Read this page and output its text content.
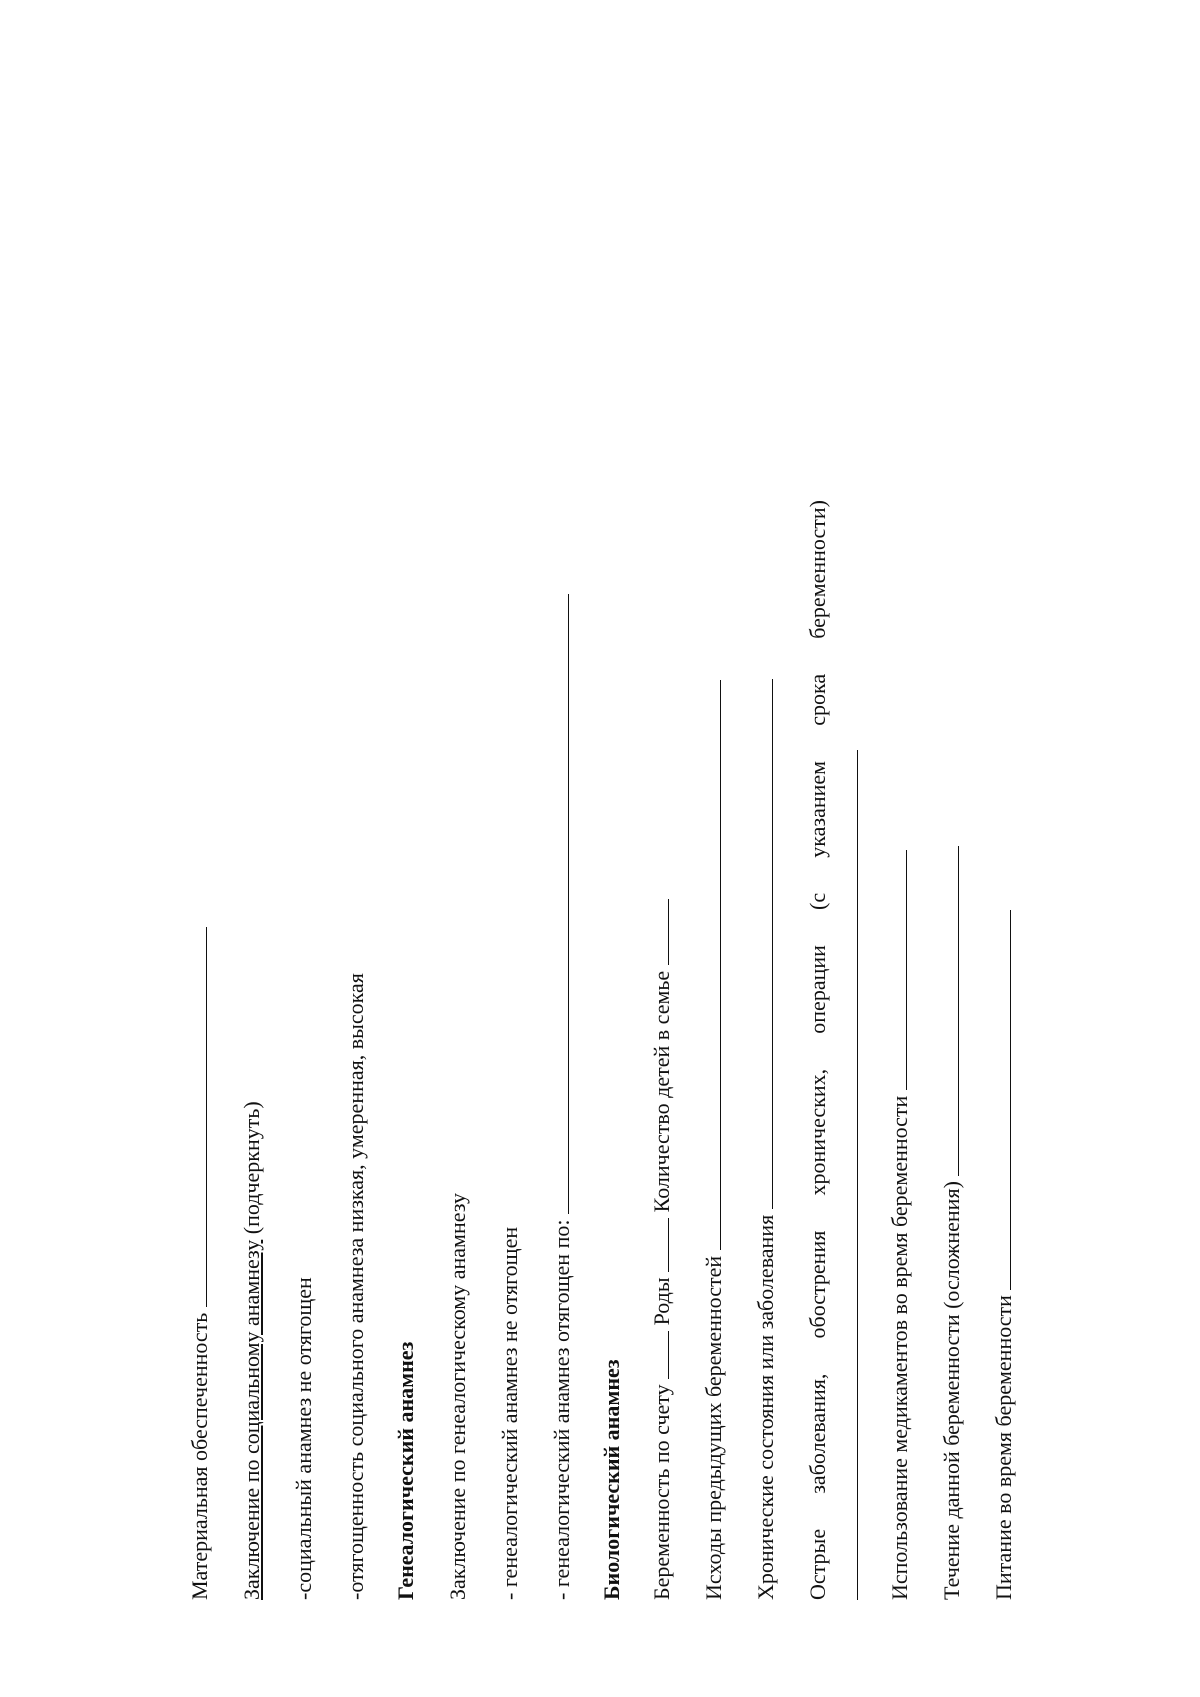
Материальная обеспеченность Заключение по социальному анамнезу (подчеркнуть)
-социальный анамнез не отягощен -отягощенность социального анамнеза низкая, умеренная, высокая Генеалогический анамнез Заключение по генеалогическому анамнезу - генеалогический анамнез не отягощен - генеалогический анамнез отягощен по: Биологический анамнез Беременность по счету  Роды  Количество детей в семье
Исходы предыдущих беременностей Хронические состояния или заболевания Острые
заболевания,
обострения
хронических,
операции
(с
указанием
срока
беременности)
Использование медикаментов во время беременности Течение данной беременности (осложнения) Питание во время беременности
